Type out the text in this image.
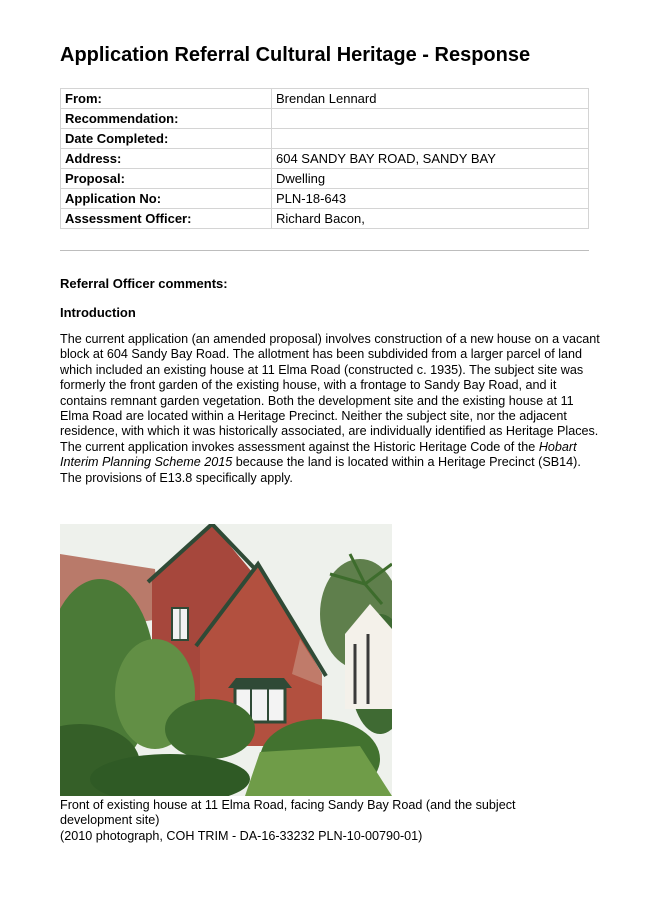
Application Referral Cultural Heritage - Response
From:	Brendan Lennard
Recommendation:	
Date Completed:	
Address:	604 SANDY BAY ROAD, SANDY BAY
Proposal:	Dwelling
Application No:	PLN-18-643
Assessment Officer:	Richard Bacon,
Referral Officer comments:
Introduction

The current application (an amended proposal) involves construction of a new house on a vacant block at 604 Sandy Bay Road. The allotment has been subdivided from a larger parcel of land which included an existing house at 11 Elma Road (constructed c. 1935). The subject site was formerly the front garden of the existing house, with a frontage to Sandy Bay Road, and it contains remnant garden vegetation. Both the development site and the existing house at 11 Elma Road are located within a Heritage Precinct. Neither the subject site, nor the adjacent residence, with which it was historically associated, are individually identified as Heritage Places. The current application invokes assessment against the Historic Heritage Code of the Hobart Interim Planning Scheme 2015 because the land is located within a Heritage Precinct (SB14). The provisions of E13.8 specifically apply.

Front of existing house at 11 Elma Road, facing Sandy Bay Road (and the subject development site)
(2010 photograph, COH TRIM - DA-16-33232 PLN-10-00790-01)
